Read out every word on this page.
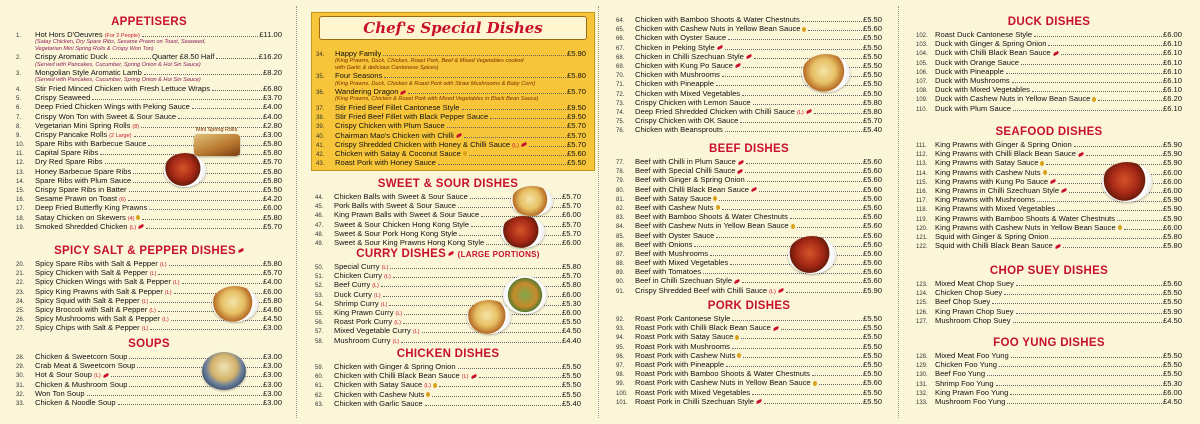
APPETISERS
1.	Hot Hors D'Oeuvres (For 2 People)	£11.00
(Satay Chicken, Dry Spare Ribs, Sesame Prawn on Toast, Seaweed,
Vegetarian Mini Spring Rolls & Crispy Won Ton)
2.	Crispy Aromatic Duck	Quarter £8.50 Half	£16.20
(Served with Pancakes, Cucumber, Spring Onion & Hoi Sin Sauce)
3.	Mongolian Style Aromatic Lamb	£8.20
(Served with Pancakes, Cucumber, Spring Onion & Hoi Sin Sauce)
4.	Stir Fried Minced Chicken with Fresh Lettuce Wraps	£6.80
5.	Crispy Seaweed	£3.70
6.	Deep Fried Chicken Wings with Peking Sauce	£4.00
7.	Crispy Won Ton with Sweet & Sour Sauce	£4.00
8.	Vegetarian Mini Spring Rolls (8)	£2.80
9.	Crispy Pancake Rolls (2 Large)	£3.00
10.	Spare Ribs with Barbecue Sauce	£5.80
11.	Capital Spare Ribs	£5.80
12.	Dry Red Spare Ribs	£5.70
13.	Honey Barbecue Spare Ribs	£5.80
14.	Spare Ribs with Plum Sauce	£5.80
15.	Crispy Spare Ribs in Batter	£5.50
16.	Sesame Prawn on Toast (6)	£4.20
17.	Deep Fried Butterfly King Prawns	£6.00
18.	Satay Chicken on Skewers (4)	£5.80
19.	Smoked Shredded Chicken (L)	£5.70
SPICY SALT & PEPPER DISHES
20.	Spicy Spare Ribs with Salt & Pepper (L)	£5.80
21.	Spicy Chicken with Salt & Pepper (L)	£5.70
22.	Spicy Chicken Wings with Salt & Pepper (L)	£4.00
23.	Spicy King Prawns with Salt & Pepper (L)	£6.00
24.	Spicy Squid with Salt & Pepper (L)	£5.80
25.	Spicy Broccoli with Salt & Pepper (L)	£4.60
26.	Spicy Mushrooms with Salt & Pepper (L)	£4.50
27.	Spicy Chips with Salt & Pepper (L)	£3.00
SOUPS
28.	Chicken & Sweetcorn Soup	£3.00
29.	Crab Meat & Sweetcorn Soup	£3.00
30.	Hot & Sour Soup (L)	£3.00
31.	Chicken & Mushroom Soup	£3.00
32.	Won Ton Soup	£3.00
33.	Chicken & Noodle Soup	£3.00
Mini Spring Rolls
Chef's Special Dishes
34.	Happy Family	£5.90
(King Prawns, Duck, Chicken, Roast Pork, Beef & Mixed Vegetables cooked
with Garlic & delicious Cantonese Spices)
35.	Four Seasons	£5.80
(King Prawns, Duck, Chicken & Roast Pork with Straw Mushrooms & Baby Corn)
36.	Wandering Dragon	£5.70
(King Prawns, Chicken & Roast Pork with Mixed Vegetables in Black Bean Sauce)
37.	Stir Fried Beef Fillet Cantonese Style	£9.50
38.	Stir Fried Beef Fillet with Black Pepper Sauce	£9.50
39.	Crispy Chicken with Plum Sauce	£5.70
40.	Chairman Mao's Chicken with Chilli	£5.70
41.	Crispy Shredded Chicken with Honey & Chilli Sauce (L)	£5.70
42.	Chicken with Satay & Coconut Sauce	£5.60
43.	Roast Pork with Honey Sauce	£5.50
SWEET & SOUR DISHES
44.	Chicken Balls with Sweet & Sour Sauce	£5.70
45.	Pork Balls with Sweet & Sour Sauce	£5.70
46.	King Prawn Balls with Sweet & Sour Sauce	£6.00
47.	Sweet & Sour Chicken Hong Kong Style	£5.70
48.	Sweet & Sour Pork Hong Kong Style	£5.70
49.	Sweet & Sour King Prawns Hong Kong Style	£6.00
CURRY DISHES (LARGE PORTIONS)
50.	Special Curry (L)	£5.80
51.	Chicken Curry (L)	£5.70
52.	Beef Curry (L)	£5.80
53.	Duck Curry (L)	£6.00
54.	Shrimp Curry (L)	£5.30
55.	King Prawn Curry (L)	£6.00
56.	Roast Pork Curry (L)	£5.50
57.	Mixed Vegetable Curry (L)	£4.50
58.	Mushroom Curry (L)	£4.40
CHICKEN DISHES
59.	Chicken with Ginger & Spring Onion	£5.50
60.	Chicken with Chilli Black Bean Sauce (L)	£5.50
61.	Chicken with Satay Sauce (L)	£5.50
62.	Chicken with Cashew Nuts	£5.50
63.	Chicken with Garlic Sauce	£5.40
64.	Chicken with Bamboo Shoots & Water Chestnuts	£5.50
65.	Chicken with Cashew Nuts in Yellow Bean Sauce	£5.60
66.	Chicken with Oyster Sauce	£5.50
67.	Chicken in Peking Style	£5.50
68.	Chicken in Chilli Szechuan Style	£5.50
69.	Chicken with Kung Po Sauce	£5.50
70.	Chicken with Mushrooms	£5.50
71.	Chicken with Pineapple	£5.50
72.	Chicken with Mixed Vegetables	£5.50
73.	Crispy Chicken with Lemon Sauce	£5.80
74.	Deep Fried Shredded Chicken with Chilli Sauce (L)	£5.80
75.	Crispy Chicken with OK Sauce	£5.70
76.	Chicken with Beansprouts	£5.40
BEEF DISHES
77.	Beef with Chilli in Plum Sauce	£5.60
78.	Beef with Special Chilli Sauce	£5.60
79.	Beef with Ginger & Spring Onion	£5.60
80.	Beef with Chilli Black Bean Sauce	£5.60
81.	Beef with Satay Sauce	£5.60
82.	Beef with Cashew Nuts	£5.60
83.	Beef with Bamboo Shoots & Water Chestnuts	£5.60
84.	Beef with Cashew Nuts in Yellow Bean Sauce	£5.60
85.	Beef with Oyster Sauce	£5.60
86.	Beef with Onions	£5.60
87.	Beef with Mushrooms	£5.60
88.	Beef with Mixed Vegetables	£5.60
89.	Beef with Tomatoes	£5.60
90.	Beef in Chilli Szechuan Style	£5.60
91.	Crispy Shredded Beef with Chilli Sauce (L)	£5.90
PORK DISHES
92.	Roast Pork Cantonese Style	£5.50
93.	Roast Pork with Chilli Black Bean Sauce	£5.50
94.	Roast Pork with Satay Sauce	£5.50
95.	Roast Pork with Mushrooms	£5.50
96.	Roast Pork with Cashew Nuts	£5.50
97.	Roast Pork with Pineapple	£5.50
98.	Roast Pork with Bamboo Shoots & Water Chestnuts	£5.50
99.	Roast Pork with Cashew Nuts in Yellow Bean Sauce	£5.60
100. Roast Pork with Mixed Vegetables	£5.50
101. Roast Pork in Chilli Szechuan Style	£5.50
DUCK DISHES
102. Roast Duck Cantonese Style	£6.00
103. Duck with Ginger & Spring Onion	£6.10
104. Duck with Chilli Black Bean Sauce	£6.10
105. Duck with Orange Sauce	£6.10
106. Duck with Pineapple	£6.10
107. Duck with Mushrooms	£6.10
108. Duck with Mixed Vegetables	£6.10
109. Duck with Cashew Nuts in Yellow Bean Sauce	£6.20
110.	Duck with Plum Sauce	£6.10
SEAFOOD DISHES
111.	King Prawns with Ginger & Spring Onion	£5.90
112.	King Prawns with Chilli Black Bean Sauce	£5.90
113.	King Prawns with Satay Sauce	£5.90
114.	King Prawns with Cashew Nuts	£6.00
115.	King Prawns with Kung Po Sauce	£6.00
116.	King Prawns in Chilli Szechuan Style	£6.00
117.	King Prawns with Mushrooms	£5.90
118.	King Prawns with Mixed Vegetables	£5.90
119.	King Prawns with Bamboo Shoots & Water Chestnuts	£5.90
120. King Prawns with Cashew Nuts in Yellow Bean Sauce	£6.00
121. Squid with Ginger & Spring Onion	£5.80
122. Squid with Chilli Black Bean Sauce	£5.80
CHOP SUEY DISHES
123. Mixed Meat Chop Suey	£5.60
124. Chicken Chop Suey	£5.50
125. Beef Chop Suey	£5.50
126. King Prawn Chop Suey	£5.90
127. Mushroom Chop Suey	£4.50
FOO YUNG DISHES
128. Mixed Meat Foo Yung	£5.50
129. Chicken Foo Yung	£5.50
130. Beef Foo Yung	£5.50
131. Shrimp Foo Yung	£5.30
132. King Prawn Foo Yung	£6.00
133. Mushroom Foo Yung	£4.50
